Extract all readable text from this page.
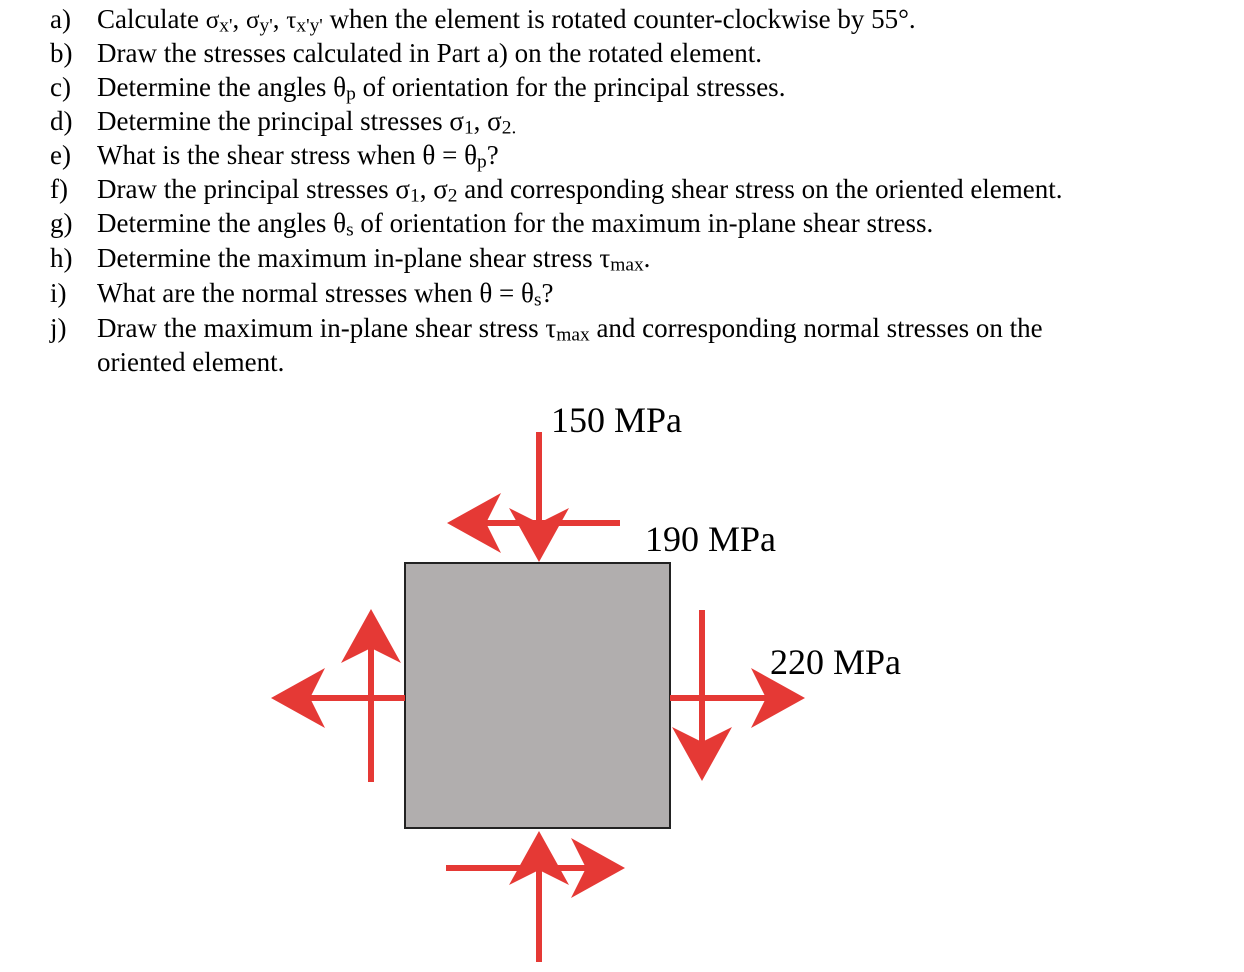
a) Calculate $\sigma_{x'}$, $\sigma_{y'}$, $\tau_{x'y'}$ when the element is rotated counter-clockwise by 55°.
b) Draw the stresses calculated in Part a) on the rotated element.
c) Determine the angles $\theta_p$ of orientation for the principal stresses.
d) Determine the principal stresses $\sigma_1$, $\sigma_{2.}$
e) What is the shear stress when $\theta = \theta_p$?
f) Draw the principal stresses $\sigma_1$, $\sigma_2$ and corresponding shear stress on the oriented element.
g) Determine the angles $\theta_s$ of orientation for the maximum in-plane shear stress.
h) Determine the maximum in-plane shear stress $\tau_{max}$.
i) What are the normal stresses when $\theta = \theta_s$?
j) Draw the maximum in-plane shear stress $\tau_{max}$ and corresponding normal stresses on the
oriented element.
150 MPa
190 MPa
220 MPa
